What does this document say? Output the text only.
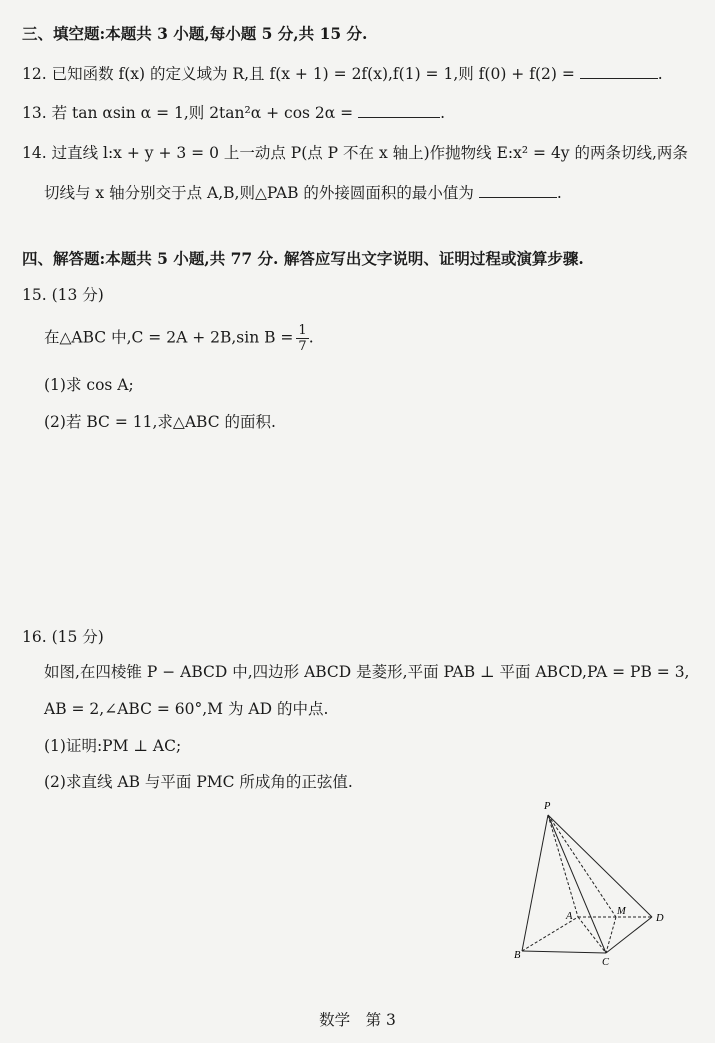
三、填空题:本题共 3 小题,每小题 5 分,共 15 分.
12. 已知函数 f(x) 的定义域为 R,且 f(x + 1) = 2f(x),f(1) = 1,则 f(0) + f(2) =	.
13. 若 tan αsin α = 1,则 2tan²α + cos 2α =	.
14. 过直线 l:x + y + 3 = 0 上一动点 P(点 P 不在 x 轴上)作抛物线 E:x² = 4y 的两条切线,两条
切线与 x 轴分别交于点 A,B,则△PAB 的外接圆面积的最小值为	.
四、解答题:本题共 5 小题,共 77 分. 解答应写出文字说明、证明过程或演算步骤.
15. (13 分)
在△ABC 中,C = 2A + 2B,sin $B = \frac{1}{7}$ .
(1)求 cos A;
(2)若 BC = 11,求△ABC 的面积.
16. (15 分)
如图,在四棱锥 P − ABCD 中,四边形 ABCD 是菱形,平面 PAB ⊥ 平面 ABCD,PA = PB = 3,
AB = 2,∠ABC = 60°,M 为 AD 的中点.
(1)证明:PM ⊥ AC;
(2)求直线 AB 与平面 PMC 所成角的正弦值.
P
A	M
D
B
C
数学　第 3
